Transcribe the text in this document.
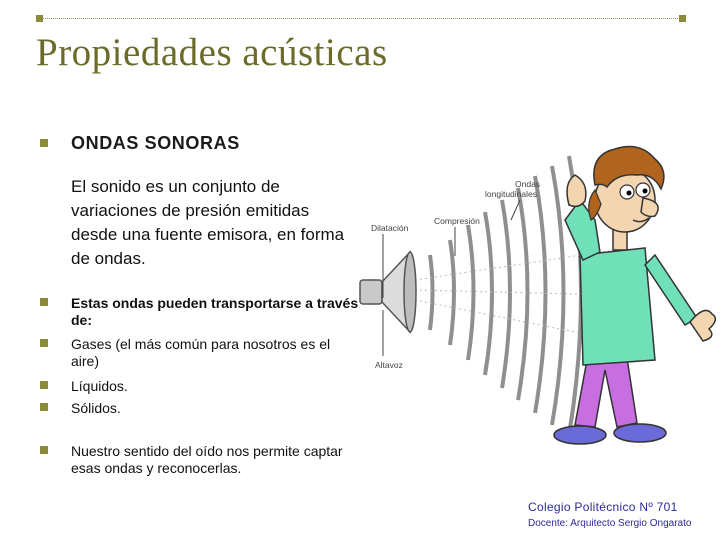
Propiedades acústicas
ONDAS SONORAS
El sonido es un conjunto de variaciones de presión emitidas desde una fuente emisora, en forma de ondas.
Estas ondas pueden transportarse a través de:
Gases (el más común para nosotros es el aire)
Líquidos.
Sólidos.
Nuestro sentido del oído nos permite captar esas ondas y reconocerlas.
Dilatación
Compresión
Ondas
longitudinales
Altavoz
Colegio Politécnico Nº 701
Docente: Arquitecto Sergio Ongarato
